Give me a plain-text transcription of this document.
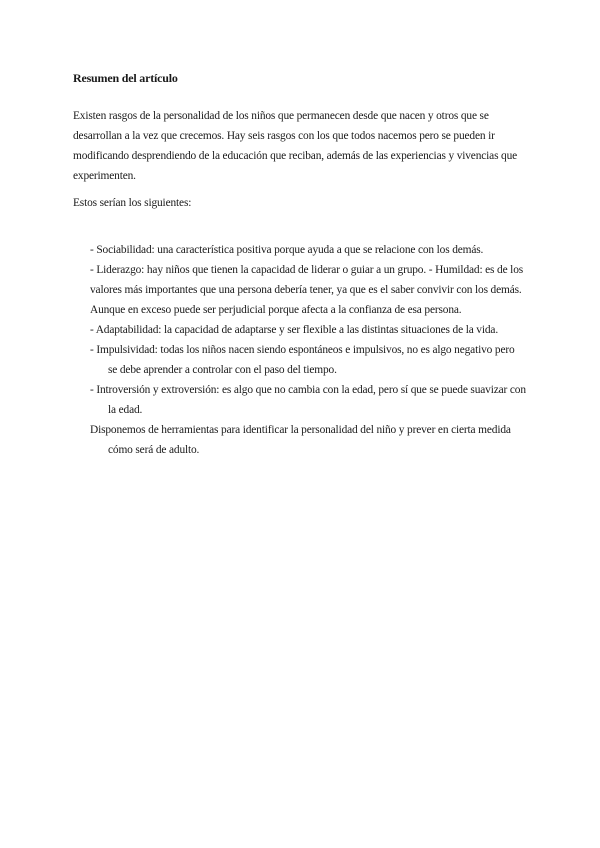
Resumen del artículo
Existen rasgos de la personalidad de los niños que permanecen desde que nacen y otros que se desarrollan a la vez que crecemos. Hay seis rasgos con los que todos nacemos pero se pueden ir modificando desprendiendo de la educación que reciban, además de las experiencias y vivencias que experimenten.
Estos serían los siguientes:
- Sociabilidad: una característica positiva porque ayuda a que se relacione con los demás.
- Liderazgo: hay niños que tienen la capacidad de liderar o guiar a un grupo. - Humildad: es de los valores más importantes que una persona debería tener, ya que es el saber convivir con los demás. Aunque en exceso puede ser perjudicial porque afecta a la confianza de esa persona.
- Adaptabilidad: la capacidad de adaptarse y ser flexible a las distintas situaciones de la vida.
- Impulsividad: todas los niños nacen siendo espontáneos e impulsivos, no es algo negativo pero se debe aprender a controlar con el paso del tiempo.
- Introversión y extroversión: es algo que no cambia con la edad, pero sí que se puede suavizar con la edad.
Disponemos de herramientas para identificar la personalidad del niño y prever en cierta medida cómo será de adulto.
